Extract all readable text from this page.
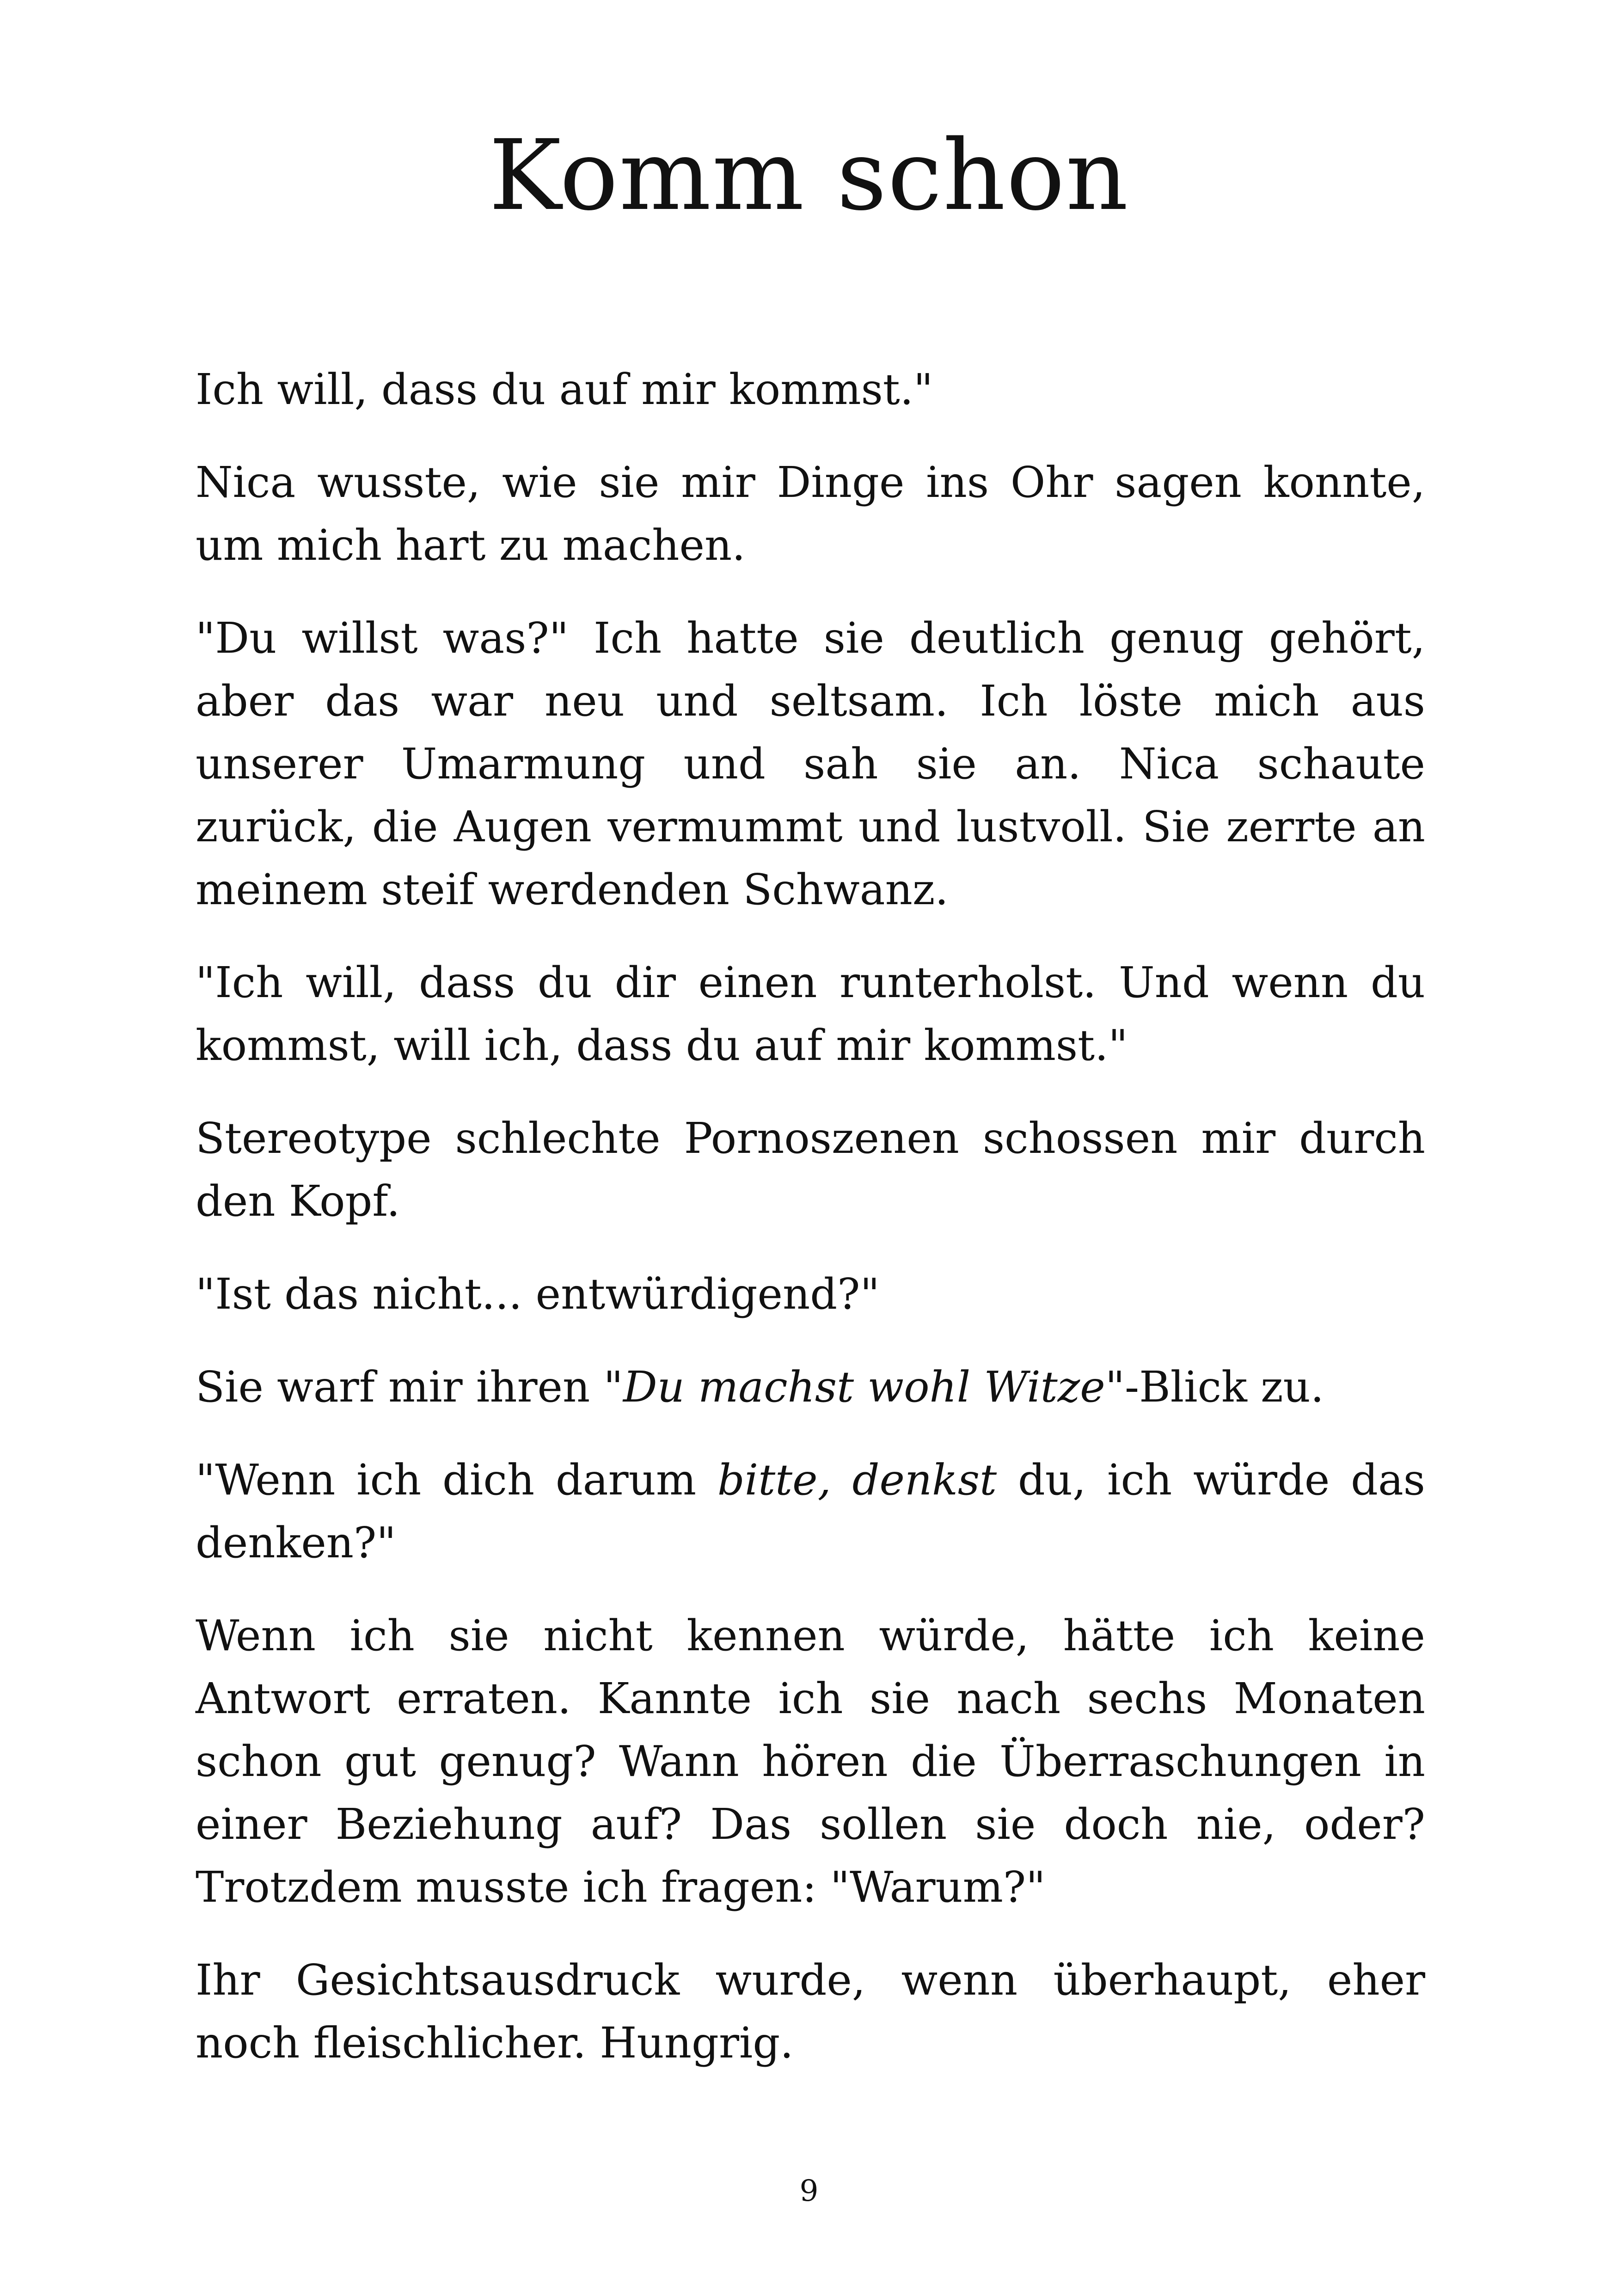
Komm schon

Ich will, dass du auf mir kommst."

Nica wusste, wie sie mir Dinge ins Ohr sagen konnte, um mich hart zu machen.

"Du willst was?" Ich hatte sie deutlich genug gehört, aber das war neu und seltsam. Ich löste mich aus unserer Umarmung und sah sie an. Nica schaute zurück, die Augen vermummt und lustvoll. Sie zerrte an meinem steif werdenden Schwanz.

"Ich will, dass du dir einen runterholst. Und wenn du kommst, will ich, dass du auf mir kommst."

Stereotype schlechte Pornoszenen schossen mir durch den Kopf.

"Ist das nicht... entwürdigend?"

Sie warf mir ihren "Du machst wohl Witze"-Blick zu.

"Wenn ich dich darum bitte, denkst du, ich würde das denken?"

Wenn ich sie nicht kennen würde, hätte ich keine Antwort erraten. Kannte ich sie nach sechs Monaten schon gut genug? Wann hören die Überraschungen in einer Beziehung auf? Das sollen sie doch nie, oder? Trotzdem musste ich fragen: "Warum?"

Ihr Gesichtsausdruck wurde, wenn überhaupt, eher noch fleischlicher. Hungrig.

9
